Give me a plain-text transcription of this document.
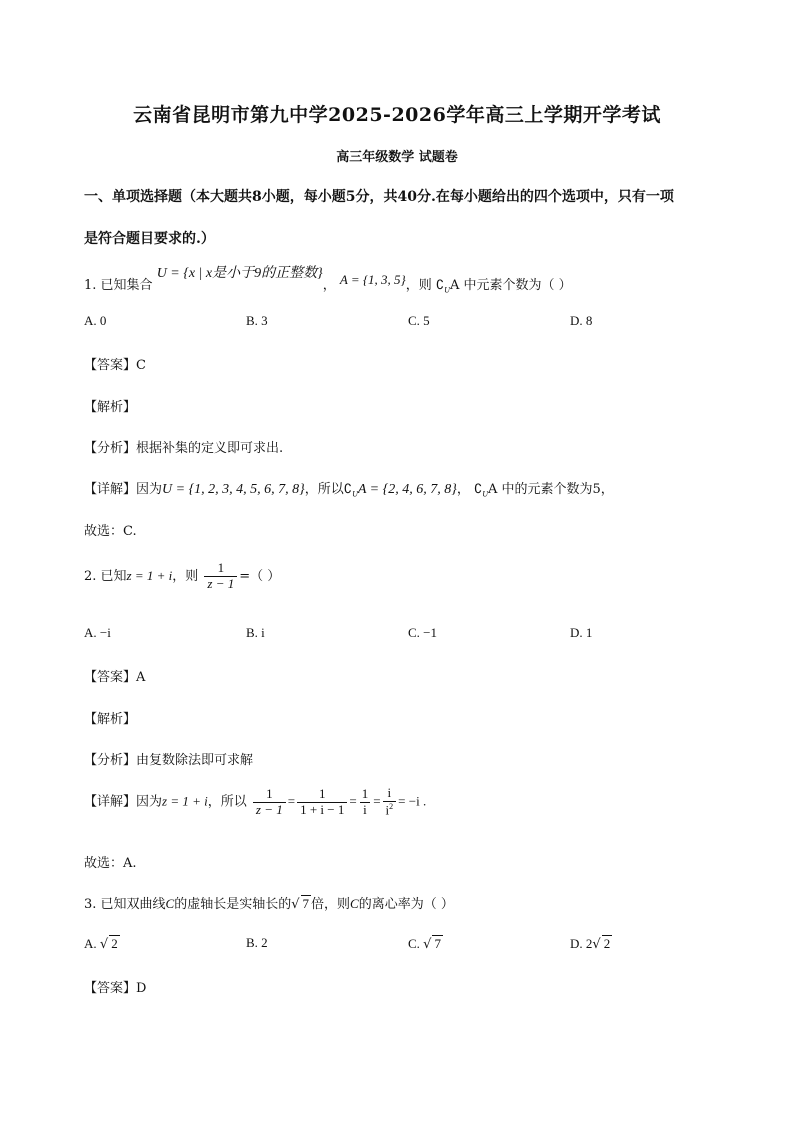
云南省昆明市第九中学2025-2026学年高三上学期开学考试
高三年级数学 试题卷
一、单项选择题（本大题共8小题，每小题5分，共40分.在每小题给出的四个选项中，只有一项
是符合题目要求的.）
1. 已知集合 U = {x | x是小于9的正整数}， A = {1, 3, 5}，则 $∁_UA$ 中元素个数为（ ）
A. 0	B. 3	C. 5	D. 8
【答案】C
【解析】
【分析】根据补集的定义即可求出.
【详解】因为U = {1, 2, 3, 4, 5, 6, 7, 8}，所以$∁_UA = \{2$, 4, 6, 7, 8}， $∁_UA$ 中的元素个数为5，
故选：C.
2. 已知z = 1 + i，则 $\frac{1}{z - 1}$ =（ ）
A. −i	B. i	C. −1	D. 1
【答案】A
【解析】
【分析】由复数除法即可求解
【详解】因为z = 1 + i，所以 $\frac{1}{z - 1} = \frac{1}{1 + i - 1} = \frac{1}{i} = \frac{i}{i^2} = -i$ .
故选：A.
3. 已知双曲线C的虚轴长是实轴长的√ 7 倍，则C的离心率为（ ）
A. √ 2	B. 2	C. √ 7	D. 2√ 2
【答案】D
